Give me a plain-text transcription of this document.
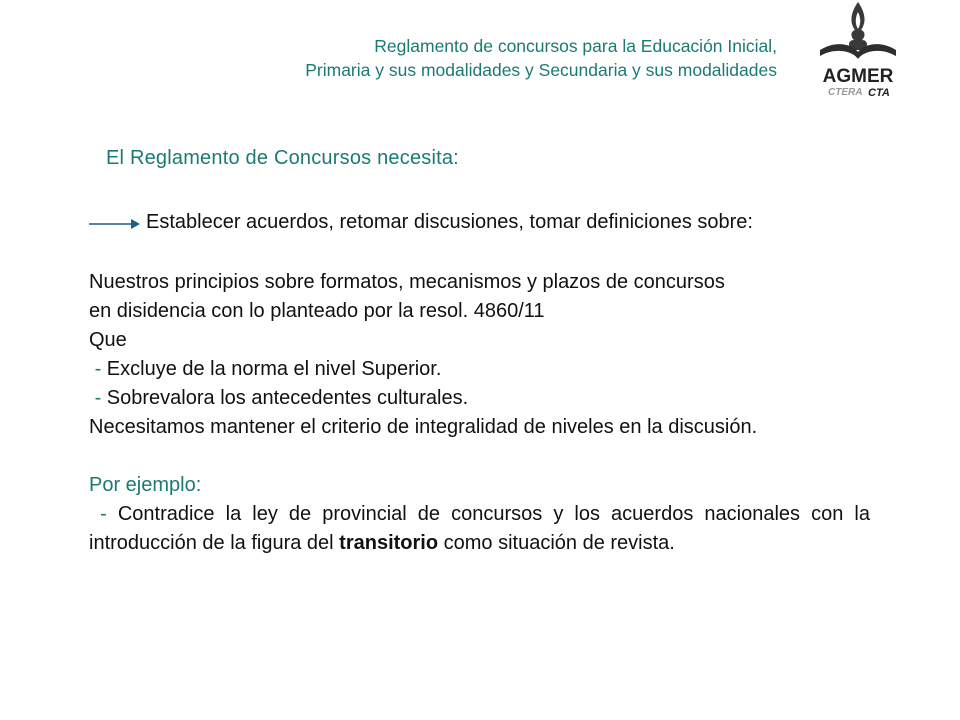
Reglamento de concursos para la Educación Inicial,
Primaria y sus modalidades y Secundaria y sus modalidades AGMER
CTERA CTA
El Reglamento de Concursos necesita:
Establecer acuerdos, retomar discusiones, tomar definiciones sobre:

Nuestros principios sobre formatos, mecanismos y plazos de concursos

en disidencia con lo planteado por la resol. 4860/11

Que

- Excluye de la norma el nivel Superior.

- Sobrevalora los antecedentes culturales.

Necesitamos mantener el criterio de integralidad de niveles en la discusión.

Por ejemplo:

- Contradice la ley de provincial de concursos y los acuerdos nacionales con la introducción de la figura del transitorio como situación de revista.
